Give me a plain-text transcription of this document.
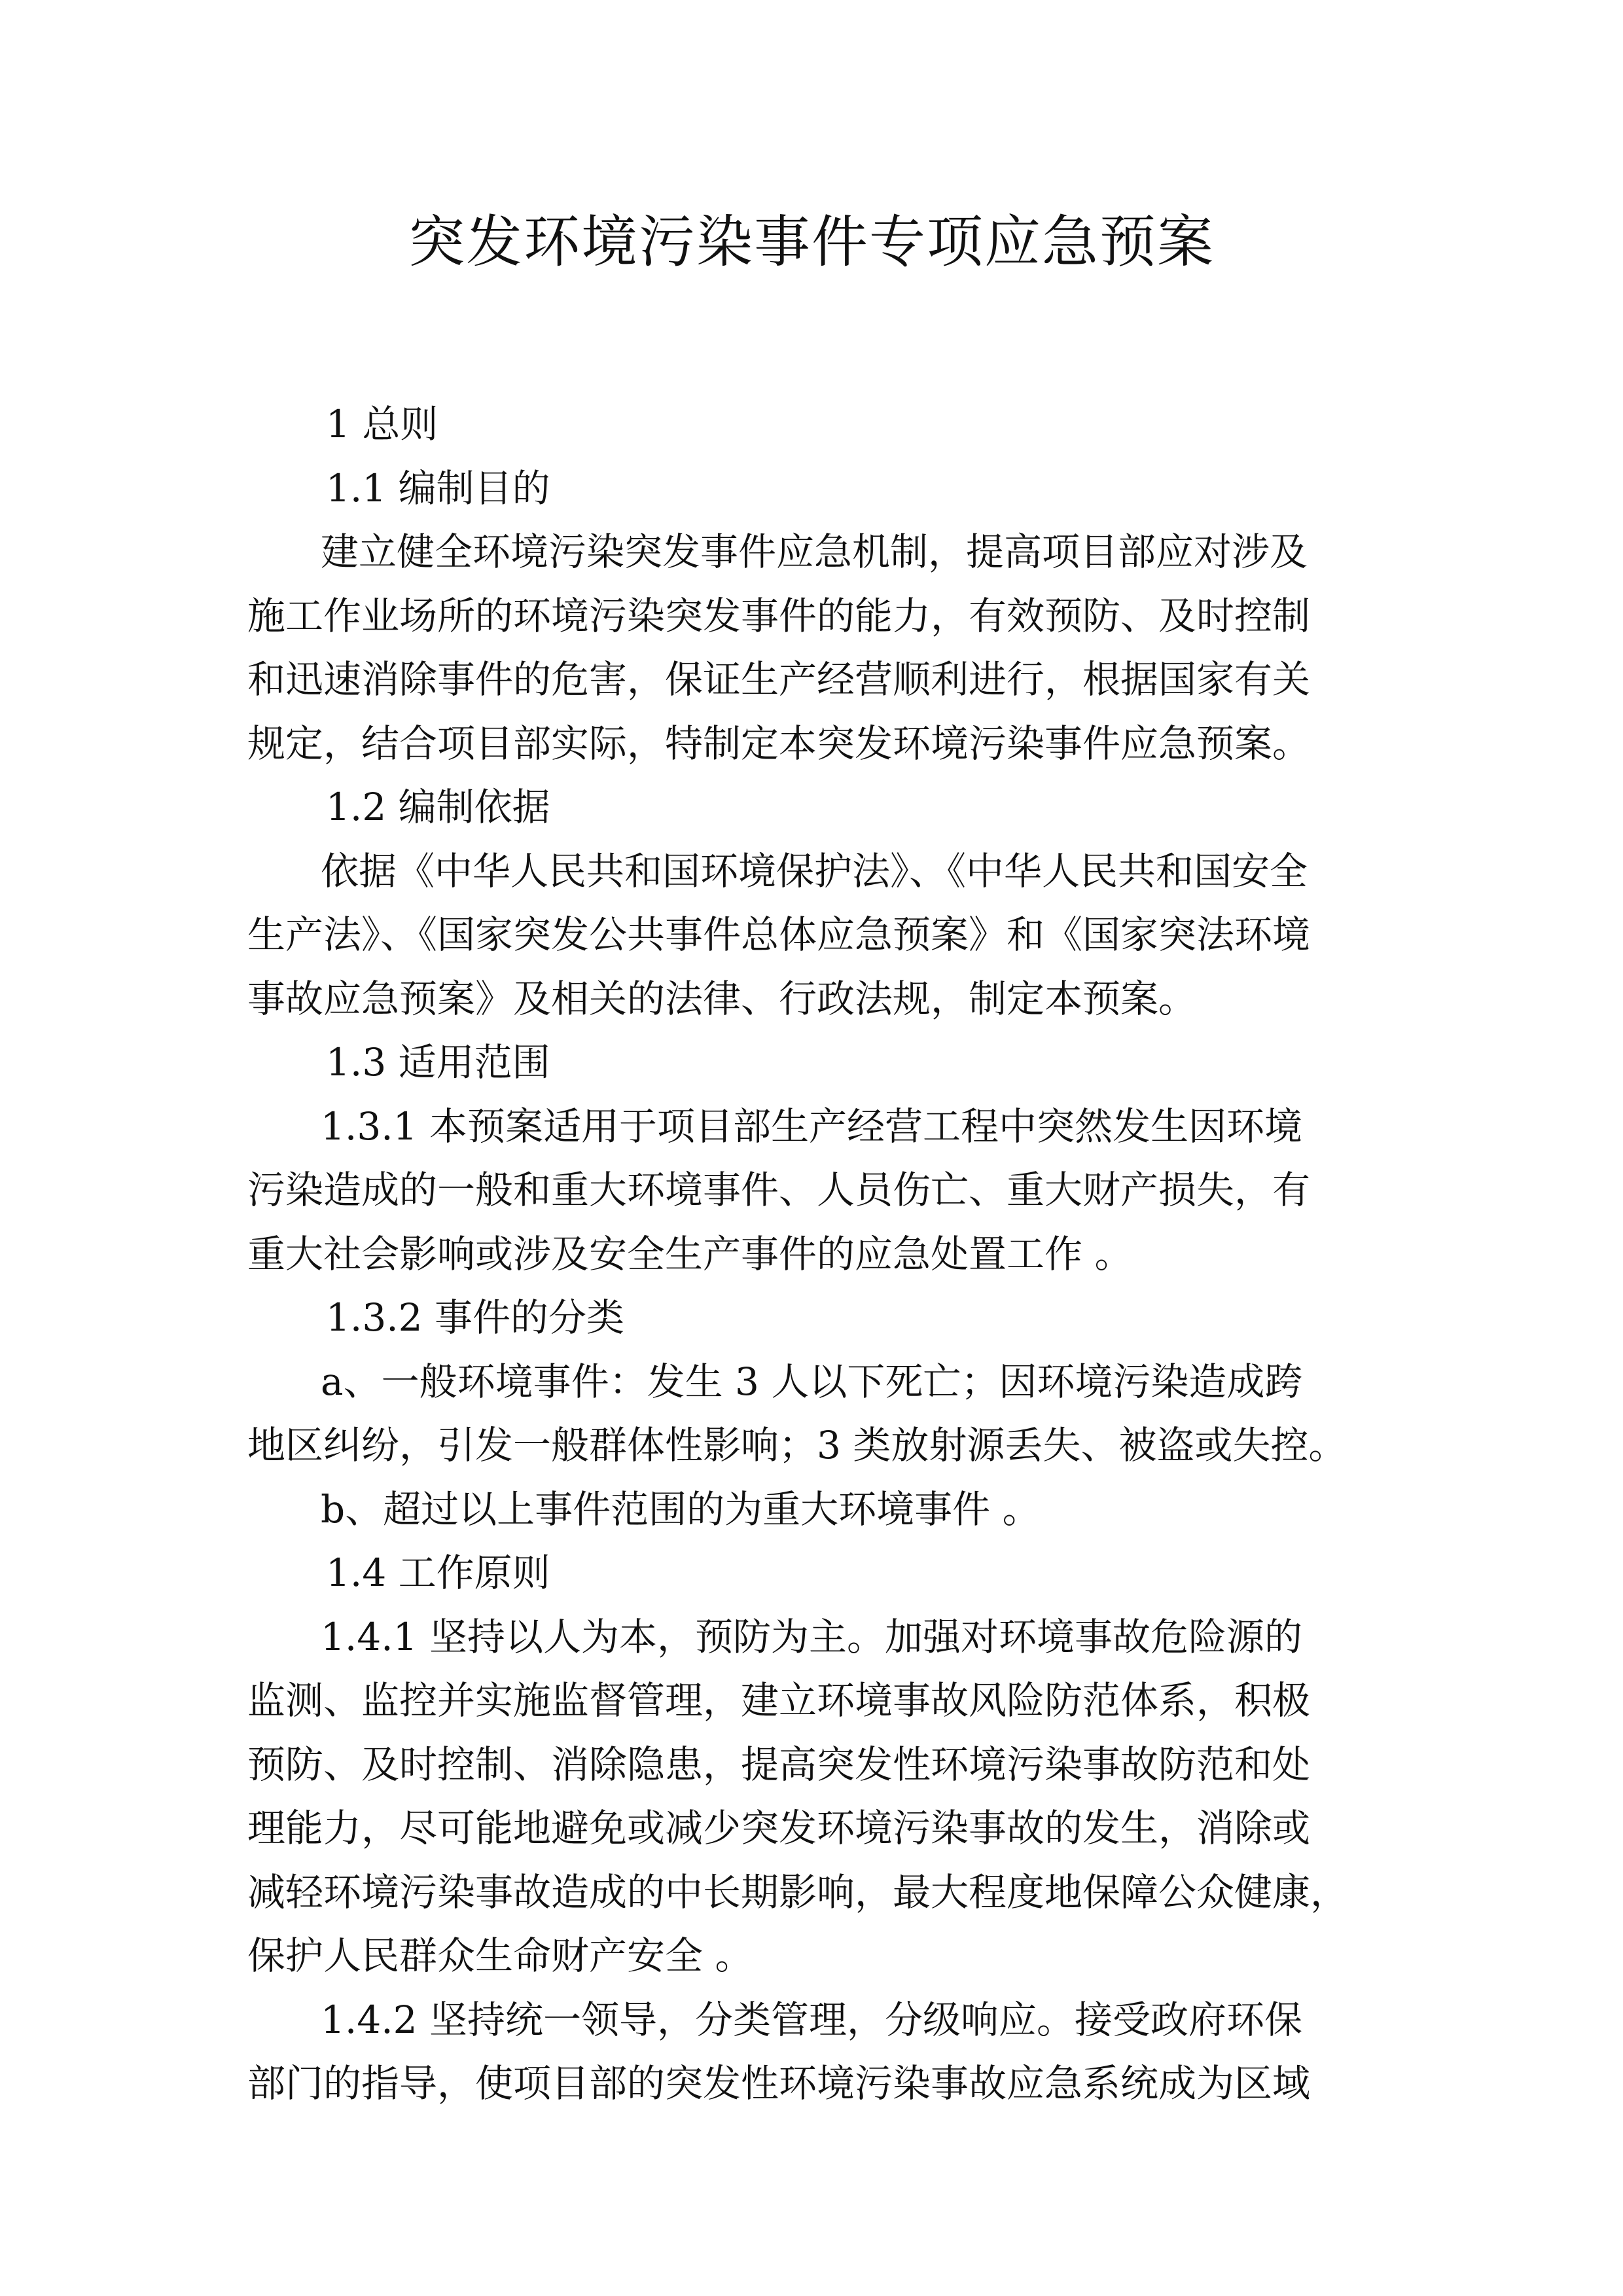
突发环境污染事件专项应急预案
1 总则
1.1 编制目的
建立健全环境污染突发事件应急机制，提高项目部应对涉及
施工作业场所的环境污染突发事件的能力，有效预防、及时控制
和迅速消除事件的危害，保证生产经营顺利进行，根据国家有关
规定，结合项目部实际，特制定本突发环境污染事件应急预案。
1.2 编制依据
依据《中华人民共和国环境保护法》、《中华人民共和国安全
生产法》、《国家突发公共事件总体应急预案》和《国家突法环境
事故应急预案》及相关的法律、行政法规，制定本预案。
1.3 适用范围
1.3.1 本预案适用于项目部生产经营工程中突然发生因环境
污染造成的一般和重大环境事件、人员伤亡、重大财产损失，有
重大社会影响或涉及安全生产事件的应急处置工作 。
1.3.2 事件的分类
a、一般环境事件：发生 3 人以下死亡；因环境污染造成跨
地区纠纷，引发一般群体性影响；3 类放射源丢失、被盗或失控。
b、超过以上事件范围的为重大环境事件 。
1.4 工作原则
1.4.1 坚持以人为本，预防为主。加强对环境事故危险源的
监测、监控并实施监督管理，建立环境事故风险防范体系，积极
预防、及时控制、消除隐患，提高突发性环境污染事故防范和处
理能力，尽可能地避免或减少突发环境污染事故的发生，消除或
减轻环境污染事故造成的中长期影响，最大程度地保障公众健康，
保护人民群众生命财产安全 。
1.4.2 坚持统一领导，分类管理，分级响应。接受政府环保
部门的指导，使项目部的突发性环境污染事故应急系统成为区域
